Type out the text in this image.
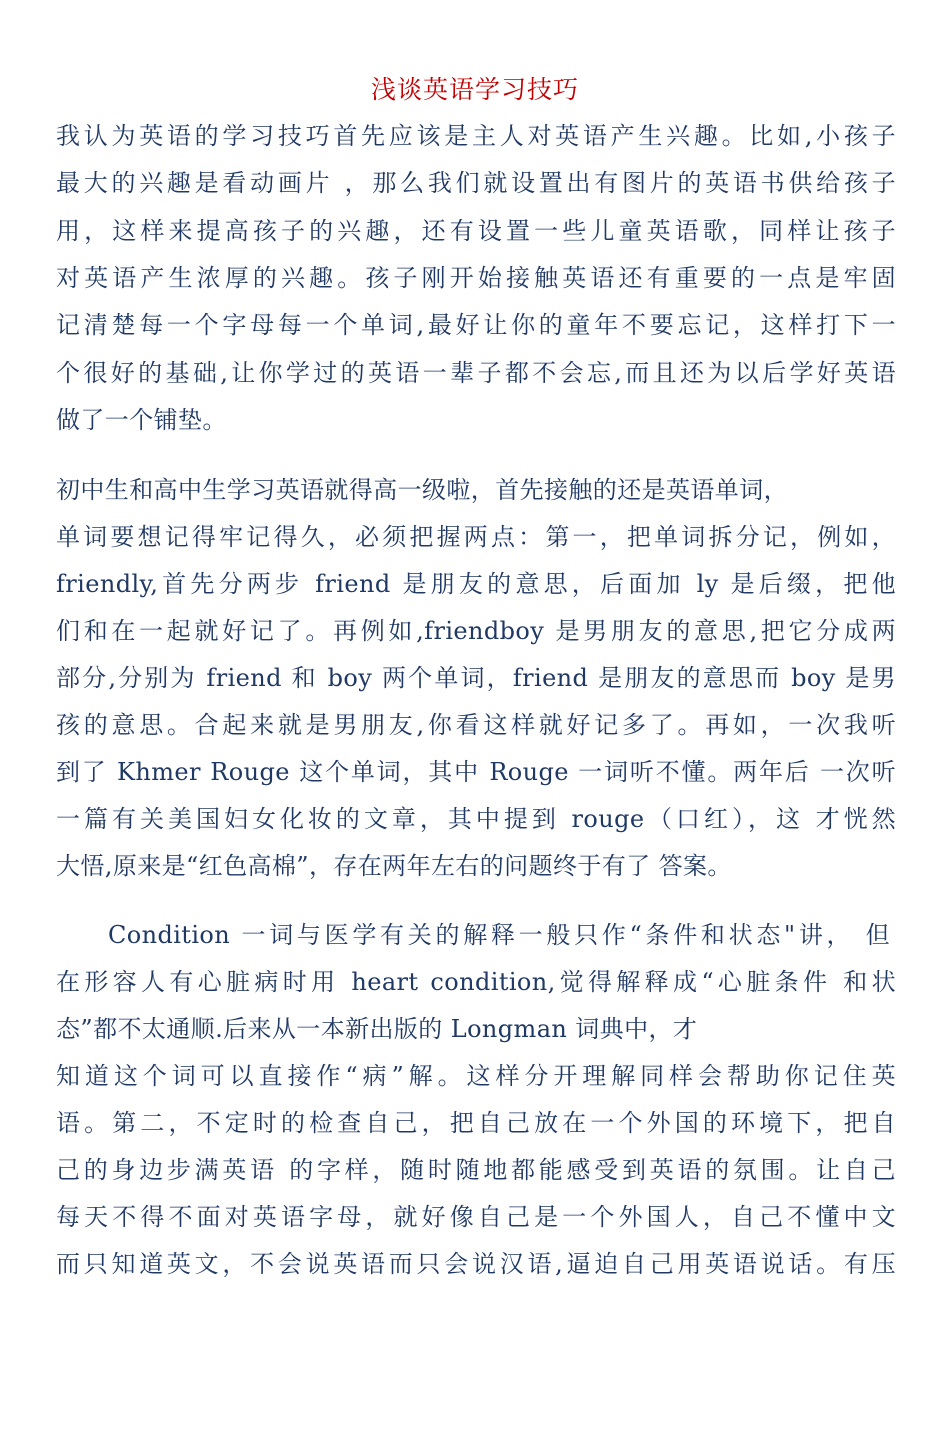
浅谈英语学习技巧
我认为英语的学习技巧首先应该是主人对英语产生兴趣。比如,小孩子
最大的兴趣是看动画片 ，那么我们就设置出有图片的英语书供给孩子
用，这样来提高孩子的兴趣，还有设置一些儿童英语歌，同样让孩子
对英语产生浓厚的兴趣。孩子刚开始接触英语还有重要的一点是牢固
记清楚每一个字母每一个单词,最好让你的童年不要忘记，这样打下一
个很好的基础,让你学过的英语一辈子都不会忘,而且还为以后学好英语
做了一个铺垫。
初中生和高中生学习英语就得高一级啦，首先接触的还是英语单词，
单词要想记得牢记得久，必须把握两点：第一，把单词拆分记，例如，
friendly,首先分两步 friend 是朋友的意思，后面加 ly 是后缀，把他
们和在一起就好记了。再例如,friendboy 是男朋友的意思,把它分成两
部分,分别为 friend 和 boy 两个单词，friend 是朋友的意思而 boy 是男
孩的意思。合起来就是男朋友,你看这样就好记多了。再如，一次我听
到了 Khmer Rouge 这个单词，其中 Rouge 一词听不懂。两年后 一次听
一篇有关美国妇女化妆的文章，其中提到 rouge（口红），这 才恍然
大悟,原来是“红色高棉”，存在两年左右的问题终于有了 答案。
Condition 一词与医学有关的解释一般只作“条件和状态"讲， 但
在形容人有心脏病时用 heart condition,觉得解释成“心脏条件 和状
态”都不太通顺.后来从一本新出版的 Longman 词典中，才
知道这个词可以直接作“病”解。这样分开理解同样会帮助你记住英
语。第二，不定时的检查自己，把自己放在一个外国的环境下，把自
己的身边步满英语 的字样，随时随地都能感受到英语的氛围。让自己
每天不得不面对英语字母，就好像自己是一个外国人，自己不懂中文
而只知道英文，不会说英语而只会说汉语,逼迫自己用英语说话。有压
